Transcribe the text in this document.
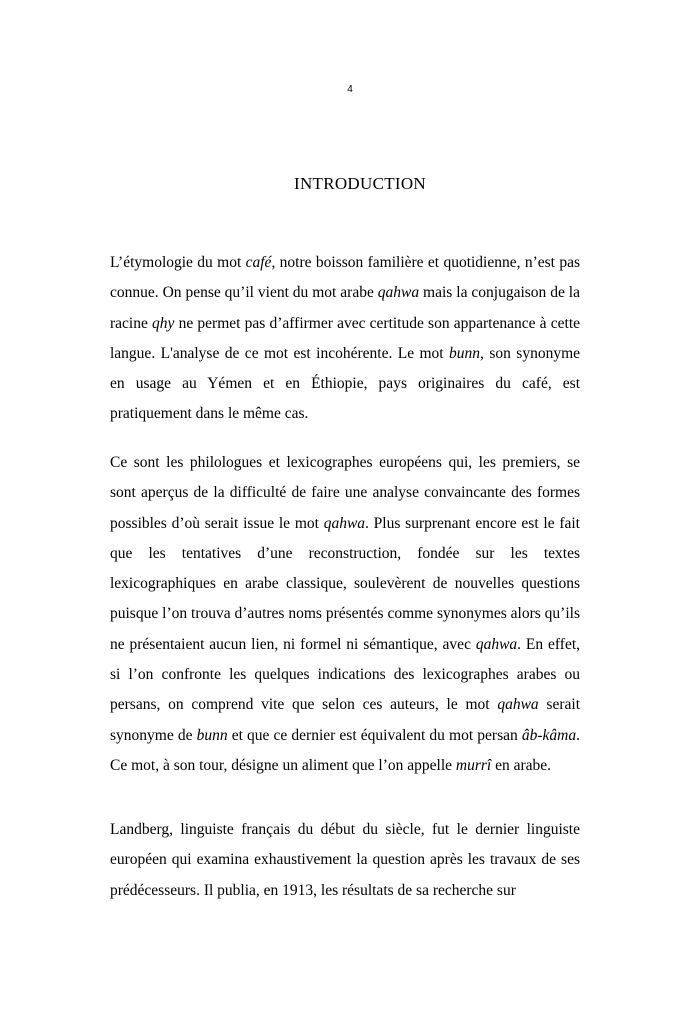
4
INTRODUCTION

L’étymologie du mot café, notre boisson familière et quotidienne, n’est pas connue. On pense qu’il vient du mot arabe qahwa mais la conjugaison de la racine qhy ne permet pas d’affirmer avec certitude son appartenance à cette langue. L'analyse de ce mot est incohérente. Le mot bunn, son synonyme en usage au Yémen et en Éthiopie, pays originaires du café, est pratiquement dans le même cas.

Ce sont les philologues et lexicographes européens qui, les premiers, se sont aperçus de la difficulté de faire une analyse convaincante des formes possibles d’où serait issue le mot qahwa. Plus surprenant encore est le fait que les tentatives d’une reconstruction, fondée sur les textes lexicographiques en arabe classique, soulevèrent de nouvelles questions puisque l’on trouva d’autres noms présentés comme synonymes alors qu’ils ne présentaient aucun lien, ni formel ni sémantique, avec qahwa. En effet, si l’on confronte les quelques indications des lexicographes arabes ou persans, on comprend vite que selon ces auteurs, le mot qahwa serait synonyme de bunn et que ce dernier est équivalent du mot persan âb-kâma. Ce mot, à son tour, désigne un aliment que l’on appelle murrî en arabe.

Landberg, linguiste français du début du siècle, fut le dernier linguiste européen qui examina exhaustivement la question après les travaux de ses prédécesseurs. Il publia, en 1913, les résultats de sa recherche sur
